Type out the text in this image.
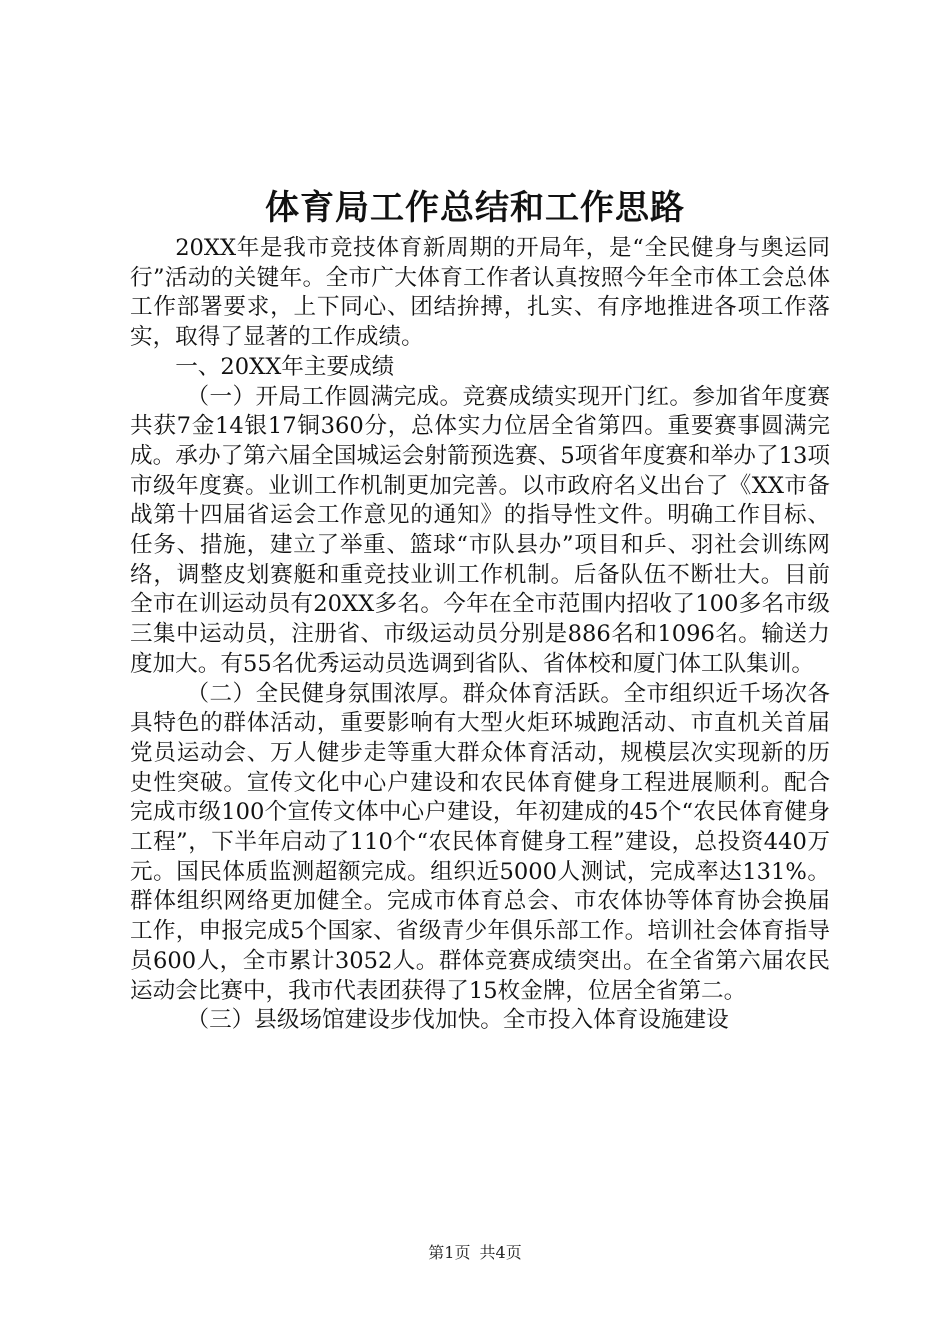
体育局工作总结和工作思路

20XX年是我市竞技体育新周期的开局年，是“全民健身与奥运同行”活动的关键年。全市广大体育工作者认真按照今年全市体工会总体工作部署要求，上下同心、团结拚搏，扎实、有序地推进各项工作落实，取得了显著的工作成绩。

一、20XX年主要成绩

（一）开局工作圆满完成。竞赛成绩实现开门红。参加省年度赛共获7金14银17铜360分，总体实力位居全省第四。重要赛事圆满完成。承办了第六届全国城运会射箭预选赛、5项省年度赛和举办了13项市级年度赛。业训工作机制更加完善。以市政府名义出台了《XX市备战第十四届省运会工作意见的通知》的指导性文件。明确工作目标、任务、措施，建立了举重、篮球“市队县办”项目和乒、羽社会训练网络，调整皮划赛艇和重竞技业训工作机制。后备队伍不断壮大。目前全市在训运动员有20XX多名。今年在全市范围内招收了100多名市级三集中运动员，注册省、市级运动员分别是886名和1096名。输送力度加大。有55名优秀运动员选调到省队、省体校和厦门体工队集训。

（二）全民健身氛围浓厚。群众体育活跃。全市组织近千场次各具特色的群体活动，重要影响有大型火炬环城跑活动、市直机关首届党员运动会、万人健步走等重大群众体育活动，规模层次实现新的历史性突破。宣传文化中心户建设和农民体育健身工程进展顺利。配合完成市级100个宣传文体中心户建设，年初建成的45个“农民体育健身工程”，下半年启动了110个“农民体育健身工程”建设，总投资440万元。国民体质监测超额完成。组织近5000人测试，完成率达131%。群体组织网络更加健全。完成市体育总会、市农体协等体育协会换届工作，申报完成5个国家、省级青少年俱乐部工作。培训社会体育指导员600人，全市累计3052人。群体竞赛成绩突出。在全省第六届农民运动会比赛中，我市代表团获得了15枚金牌，位居全省第二。

（三）县级场馆建设步伐加快。全市投入体育设施建设

第1页 共4页
